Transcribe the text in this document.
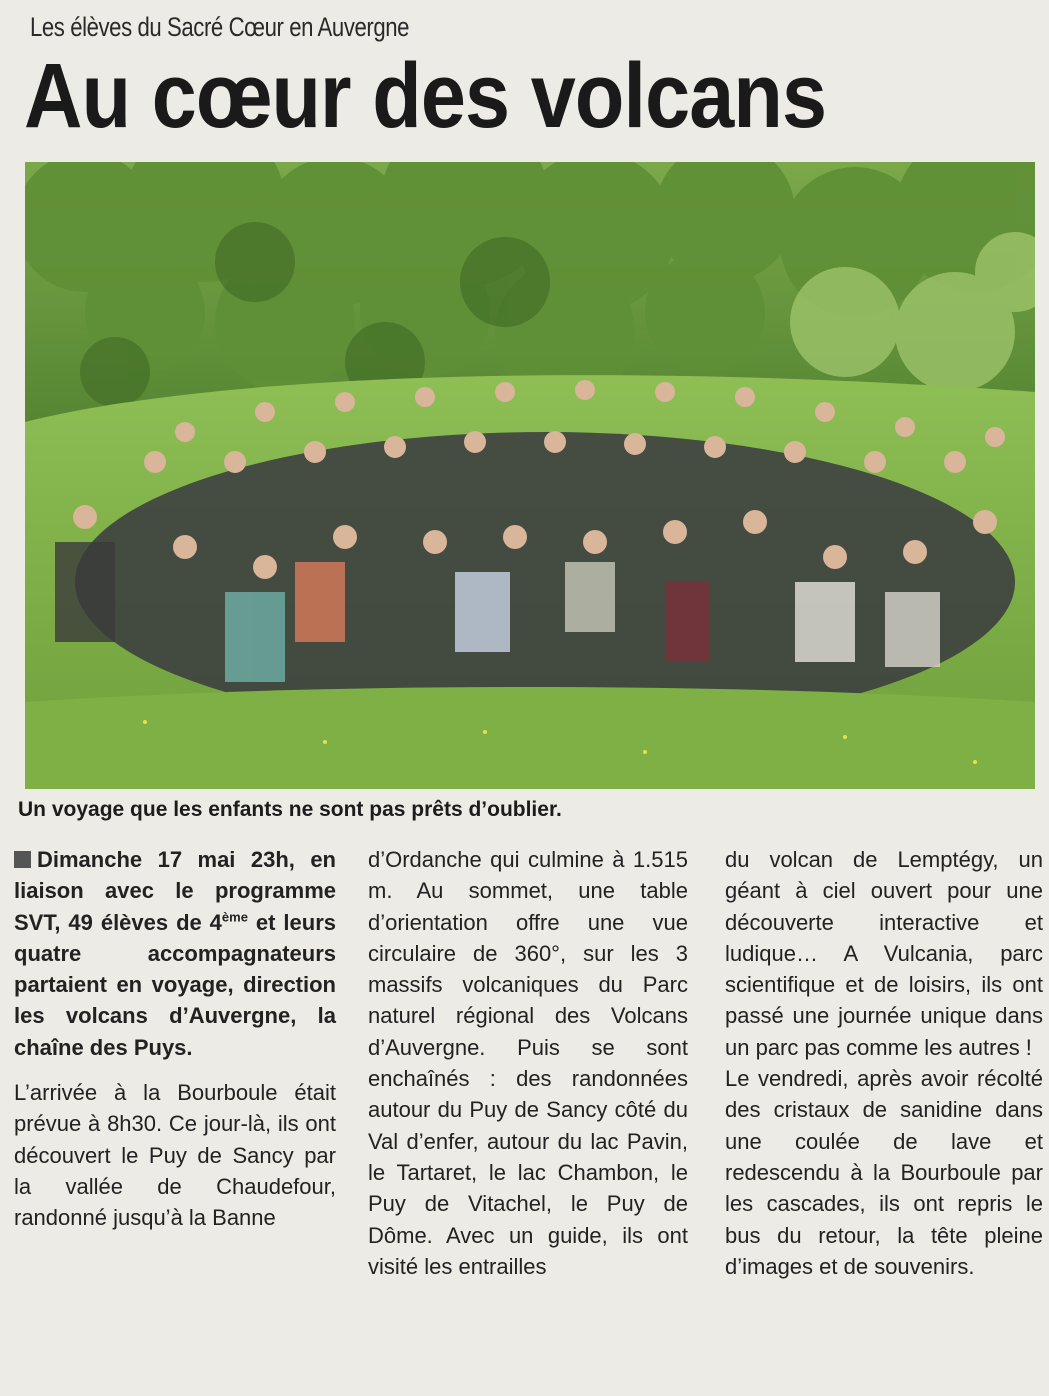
Les élèves du Sacré Cœur en Auvergne
Au cœur des volcans
Un voyage que les enfants ne sont pas prêts d’oublier.

Dimanche 17 mai 23h, en liaison avec le programme SVT, 49 élèves de 4ème et leurs quatre accompagnateurs partaient en voyage, direction les volcans d’Auvergne, la chaîne des Puys.

L’arrivée à la Bourboule était prévue à 8h30. Ce jour-là, ils ont découvert le Puy de Sancy par la vallée de Chaudefour, randonné jusqu’à la Banne

d’Ordanche qui culmine à 1.515 m. Au sommet, une table d’orientation offre une vue circulaire de 360°, sur les 3 massifs volcaniques du Parc naturel régional des Volcans d’Auvergne. Puis se sont enchaînés : des randonnées autour du Puy de Sancy côté du Val d’enfer, autour du lac Pavin, le Tartaret, le lac Chambon, le Puy de Vitachel, le Puy de Dôme. Avec un guide, ils ont visité les entrailles

du volcan de Lemptégy, un géant à ciel ouvert pour une découverte interactive et ludique… A Vulcania, parc scientifique et de loisirs, ils ont passé une journée unique dans un parc pas comme les autres !

Le vendredi, après avoir récolté des cristaux de sanidine dans une coulée de lave et redescendu à la Bourboule par les cascades, ils ont repris le bus du retour, la tête pleine d’images et de souvenirs.
